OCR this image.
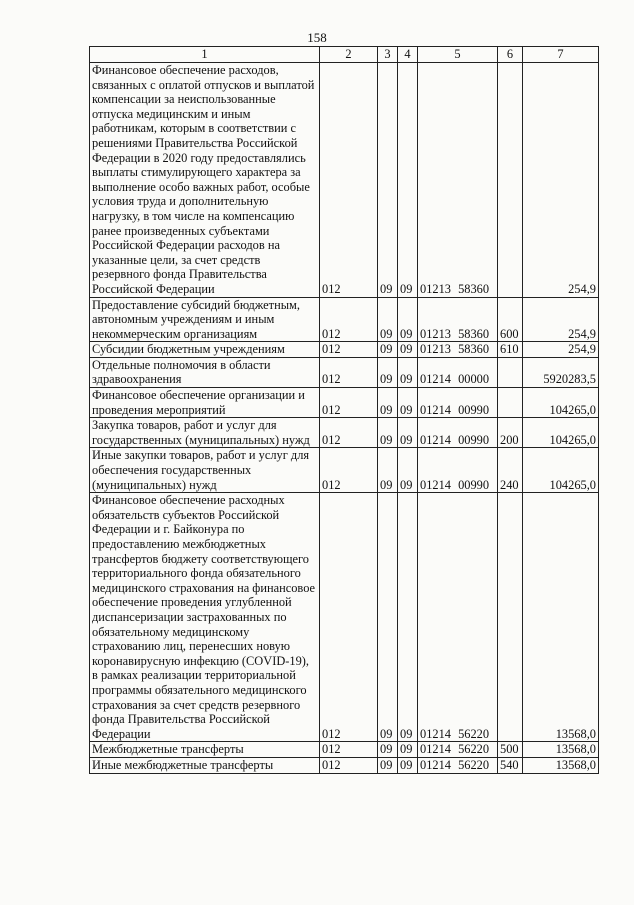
158
1	2	3	4	5	6	7
Финансовое обеспечение расходов, связанных с оплатой отпусков и выплатой компенсации за неиспользованные отпуска медицинским и иным работникам, которым в соответствии с решениями Правительства Российской Федерации в 2020 году предоставлялись выплаты стимулирующего характера за выполнение особо важных работ, особые условия труда и дополнительную нагрузку, в том числе на компенсацию ранее произведенных субъектами Российской Федерации расходов на указанные цели, за счет средств резервного фонда Правительства Российской Федерации	012	09	09	01213 58360		254,9
Предоставление субсидий бюджетным, автономным учреждениям и иным некоммерческим организациям	012	09	09	01213 58360	600	254,9
Субсидии бюджетным учреждениям	012	09	09	01213 58360	610	254,9
Отдельные полномочия в области здравоохранения	012	09	09	01214 00000		5920283,5
Финансовое обеспечение организации и проведения мероприятий	012	09	09	01214 00990		104265,0
Закупка товаров, работ и услуг для государственных (муниципальных) нужд	012	09	09	01214 00990	200	104265,0
Иные закупки товаров, работ и услуг для обеспечения государственных (муниципальных) нужд	012	09	09	01214 00990	240	104265,0
Финансовое обеспечение расходных обязательств субъектов Российской Федерации и г. Байконура по предоставлению межбюджетных трансфертов бюджету соответствующего территориального фонда обязательного медицинского страхования на финансовое обеспечение проведения углубленной диспансеризации застрахованных по обязательному медицинскому страхованию лиц, перенесших новую коронавирусную инфекцию (COVID-19), в рамках реализации территориальной программы обязательного медицинского страхования за счет средств резервного фонда Правительства Российской Федерации	012	09	09	01214 56220		13568,0
Межбюджетные трансферты	012	09	09	01214 56220	500	13568,0
Иные межбюджетные трансферты	012	09	09	01214 56220	540	13568,0
